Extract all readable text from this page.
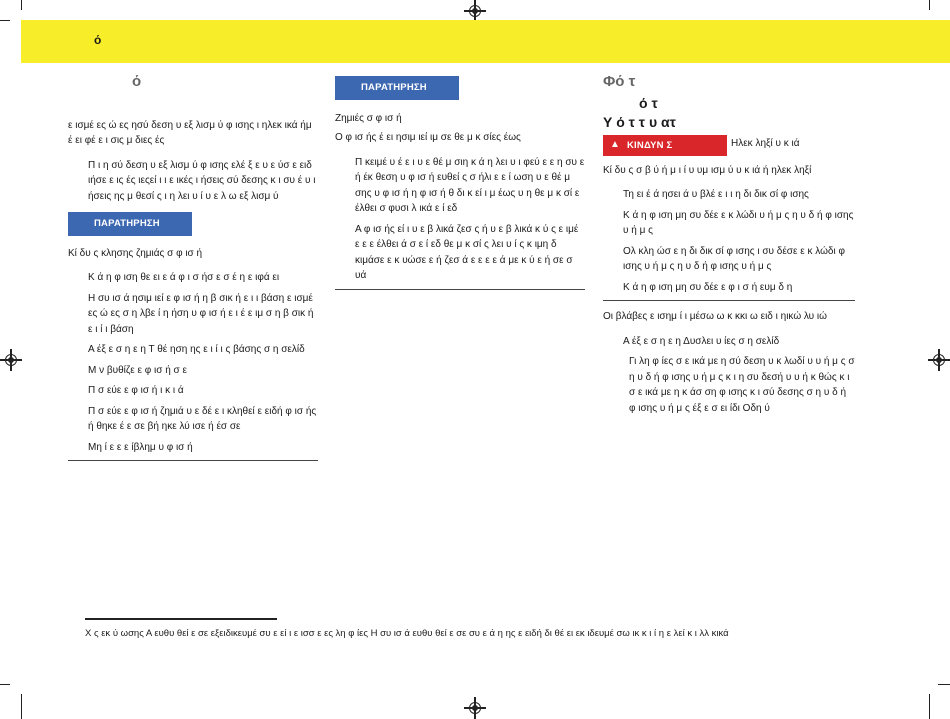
ό
ό

ε ισμέ ες ώ ες ησύ δεση υ εξ λισμ ύ φ ισης ι ηλεκ ικά ήμ έ ει φέ ε ι σις μ διες ές

Π ι η σύ δεση υ εξ λισμ ύ φ ισης ελέ ξ ε υ ε ύσ ε ειδ ιήσε ε ις ές ιεςεί ι ι ε ικές ι ήσεις σύ δεσης κ ι συ έ υ ι ήσεις ης μ θεσί ς ι η λει υ ί υ ε λ ω εξ λισμ ύ

ΠΑΡΑΤΗΡΗΣΗ

Κί δυ ς κλησης ζημιάς σ φ ισ ή

Κ ά η φ ιση θε ει ε ά φ ι σ ήσ ε σ έ η ε ιφά ει

Η συ ισ ά ησιμ ιεί ε φ ισ ή η β σικ ή ε ι ι βάση ε ισμέ ες ώ ες σ η λβε ί η ήση υ φ ισ ή ε ι έ ε ιμ σ η β σικ ή ε ι ί ι βάση

Α έξ ε σ η ε η Τ θέ ηση ης ε ι ί ι ς βάσης σ η σελίδ

Μ ν βυθίζε ε φ ισ ή σ ε

Π σ εύε ε φ ισ ή ι κ ι ά

Π σ εύε ε φ ισ ή ζημιά υ ε δέ ε ι κληθεί ε ειδή φ ισ ής ή θηκε έ ε σε βή ηκε λύ ισε ή έσ σε

Μη ί ε ε ε ίβλημ υ φ ισ ή

ΠΑΡΑΤΗΡΗΣΗ

Ζημιές σ φ ισ ή

Ο φ ισ ής έ ει ησιμ ιεί ιμ σε θε μ κ σίες έως

Π κειμέ υ έ ε ι υ ε θέ μ σιη κ ά η λει υ ι φεύ ε ε η συ ε ή έκ θεση υ φ ισ ή ευθεί ς σ ήλι ε ε ί ωση υ ε θέ μ σης υ φ ισ ή η φ ισ ή θ δι κ εί ι μ έως υ η θε μ κ σί ε έλθει σ φυσι λ ικά ε ί εδ

Α φ ισ ής εί ι υ ε β λικά ζεσ ς ή υ ε β λικά κ ύ ς ε ιμέ ε ε ε έλθει ά σ ε ί εδ θε μ κ σί ς λει υ ί ς κ ιμη δ κιμάσε ε κ υώσε ε ή ζεσ ά ε ε ε ε ά με κ ύ ε ή σε σ υά

Φό τ
ό τ
Υ ό τ τ υ ατ
▲ ΚΙΝΔΥΝ Σ	Ηλεκ ληξί υ κ ιά

Κί δυ ς σ β ύ ή μ ι ί υ υμ ισμ ύ υ κ ιά ή ηλεκ ληξί

Τη ει έ ά ησει ά υ βλέ ε ι ι η δι δικ σί φ ισης

Κ ά η φ ιση μη συ δέε ε κ λώδι υ ή μ ς η υ δ ή φ ισης υ ή μ ς

Ολ κλη ώσ ε η δι δικ σί φ ισης ι συ δέσε ε κ λώδι φ ισης υ ή μ ς η υ δ ή φ ισης υ ή μ ς

Κ ά η φ ιση μη συ δέε ε φ ι σ ή ευμ δ η

Οι βλάβες ε ισημ ί ι μέσω ω κ κκι ω ειδ ι ηικώ λυ ιώ

Α έξ ε σ η ε η Δυσλει υ ίες σ η σελίδ

Γι λη φ ίες σ ε ικά με η σύ δεση υ κ λωδί υ υ ή μ ς σ η υ δ ή φ ισης υ ή μ ς κ ι η συ δεσή υ υ ή κ θώς κ ι σ ε ικά με η κ άσ ση φ ισης κ ι σύ δεσης σ η υ δ ή φ ισης υ ή μ ς έξ ε σ ει ίδι Οδη ύ

Χ ς εκ ύ ωσης Α ευθυ θεί ε σε εξειδικευμέ συ ε εί ι ε ισσ ε ες λη φ ίες Η συ ισ ά ευθυ θεί ε σε συ ε ά η ης ε ειδή δι θέ ει εκ ιδευμέ σω ικ κ ι ί η ε λεί κ ι λλ κικά
